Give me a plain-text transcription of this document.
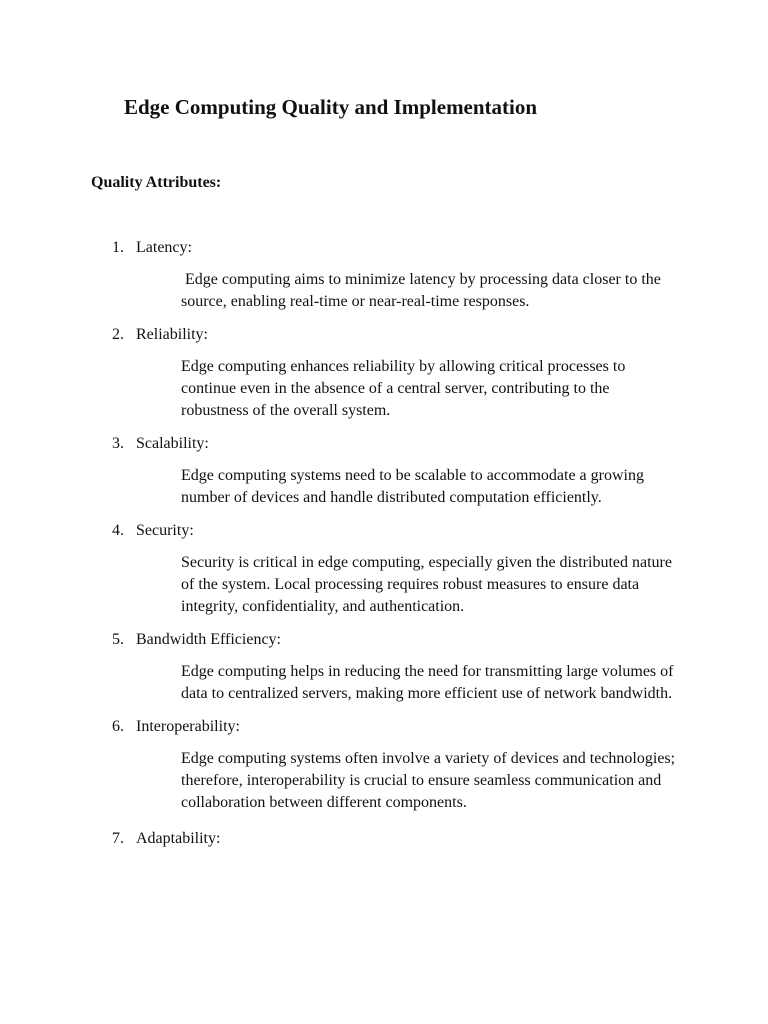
Edge Computing Quality and Implementation
Quality Attributes:
1. Latency:
Edge computing aims to minimize latency by processing data closer to the source, enabling real-time or near-real-time responses.
2. Reliability:
Edge computing enhances reliability by allowing critical processes to continue even in the absence of a central server, contributing to the robustness of the overall system.
3. Scalability:
Edge computing systems need to be scalable to accommodate a growing number of devices and handle distributed computation efficiently.
4. Security:
Security is critical in edge computing, especially given the distributed nature of the system. Local processing requires robust measures to ensure data integrity, confidentiality, and authentication.
5. Bandwidth Efficiency:
Edge computing helps in reducing the need for transmitting large volumes of data to centralized servers, making more efficient use of network bandwidth.
6. Interoperability:
Edge computing systems often involve a variety of devices and technologies; therefore, interoperability is crucial to ensure seamless communication and collaboration between different components.
7. Adaptability:
